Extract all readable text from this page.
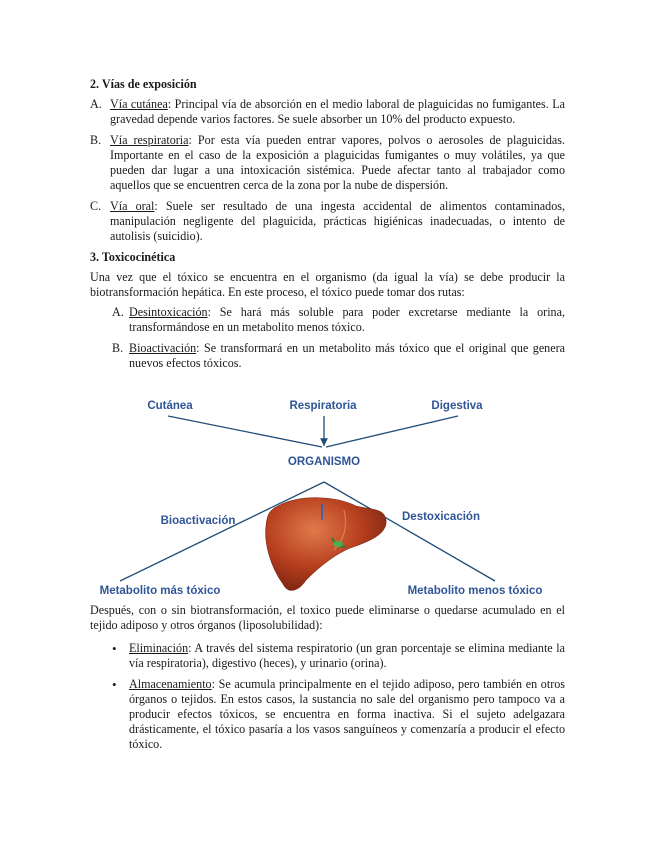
2. Vías de exposición
A. Vía cutánea: Principal vía de absorción en el medio laboral de plaguicidas no fumigantes. La gravedad depende varios factores. Se suele absorber un 10% del producto expuesto.
B. Vía respiratoria: Por esta vía pueden entrar vapores, polvos o aerosoles de plaguicidas. Importante en el caso de la exposición a plaguicidas fumigantes o muy volátiles, ya que pueden dar lugar a una intoxicación sistémica. Puede afectar tanto al trabajador como aquellos que se encuentren cerca de la zona por la nube de dispersión.
C. Vía oral: Suele ser resultado de una ingesta accidental de alimentos contaminados, manipulación negligente del plaguicida, prácticas higiénicas inadecuadas, o intento de autolisis (suicidio).
3. Toxicocinética
Una vez que el tóxico se encuentra en el organismo (da igual la vía) se debe producir la biotransformación hepática. En este proceso, el tóxico puede tomar dos rutas:
A. Desintoxicación: Se hará más soluble para poder excretarse mediante la orina, transformándose en un metabolito menos tóxico.
B. Bioactivación: Se transformará en un metabolito más tóxico que el original que genera nuevos efectos tóxicos.
Cutánea	Respiratoria	Digestiva
ORGANISMO
Bioactivación	Destoxicación
Metabolito más tóxico	Metabolito menos tóxico
Después, con o sin biotransformación, el toxico puede eliminarse o quedarse acumulado en el tejido adiposo y otros órganos (liposolubilidad):
•	Eliminación: A través del sistema respiratorio (un gran porcentaje se elimina mediante la vía respiratoria), digestivo (heces), y urinario (orina).
•	Almacenamiento: Se acumula principalmente en el tejido adiposo, pero también en otros órganos o tejidos. En estos casos, la sustancia no sale del organismo pero tampoco va a producir efectos tóxicos, se encuentra en forma inactiva. Si el sujeto adelgazara drásticamente, el tóxico pasaría a los vasos sanguíneos y comenzaría a producir el efecto tóxico.
